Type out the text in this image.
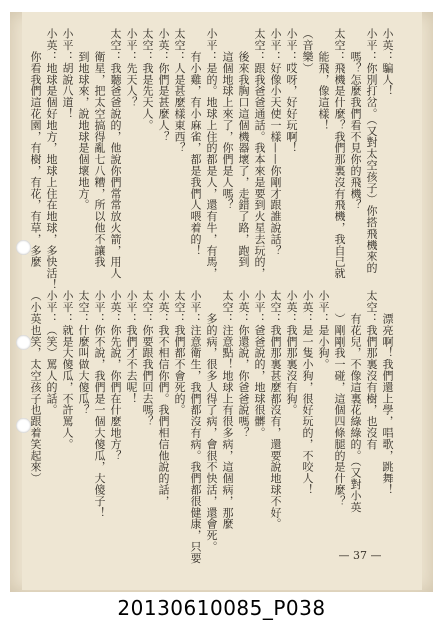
小英：騙人！
小平：你別打岔。（又對太空孩子）你搭飛機來的
　　嗎？怎麼我們看不見你的飛機？
太空：飛機是什麼？我們那裏沒有飛機，我自己就
　　能飛，像這樣！
（音樂）
小平：哎呀，好好玩啊！
小平：好像小天使一樣——你剛才跟誰說話？
太空：跟我爸爸通話。我本來是要到火星去玩的，
　　後來我胸口這個機器壞了，走錯了路，跑到
　　這個地球上來了，你們是人嗎？
小平：是的。地球上住的都是人，還有牛，有馬，
　　有小雞，有小麻雀，都是我們人喂着的！
太空：人是甚麼樣東西？
小英：你們是甚麼人？
太空：我是先天人。
小平：先天人？
太空：我聽爸爸說的，他說你們常常放火箭，用人
　　衛星，把太空搞得亂七八糟，所以他不讓我
　　到地球來，說地球是個壞地方。
小平：胡說八道！
小英：地球是個好地方，地球上住在地球，多快活！
　　你看我們這花園，有樹，有花，有草，多麼
　　漂亮啊！我們還上學，唱歌，跳舞！
太空：我們那裏沒有樹，也沒有
　　有花兒，不像這裏花綠綠的。（又對小英
　　）剛剛我一碰，這個四條腿的是什麼？
小平：是小狗。
小英：是一隻小狗，很好玩的，不咬人！
小英：我們那裏沒有狗。
太空：我們那裏甚麼都沒有，還要說地球不好。
小平：爸爸說的，地球很髒。
小英：你還說，你爸爸說嗎？
太空：注意點！地球上有很多病，這個病，那麼
　　多的病，很多人得了病，會很不快活，還會死。
小平：注意衛生，我們都沒有病。我們都很健康，只要
太空：我們都不會死的。
小英：我不相信你們。我們相信他說的話，
太空：你要跟我們回去嗎？
小平：我們才不去呢！
小英：你先說，你們在什麼地方？
小平：你不說，我們是一個大傻瓜，大傻子！
太空：什麼叫做大傻瓜？
小平：就是大傻瓜，不許罵人。
小平：（笑）罵人的話。
（小英也笑，太空孩子也跟着笑起來）
— 37 —
20130610085_P038
